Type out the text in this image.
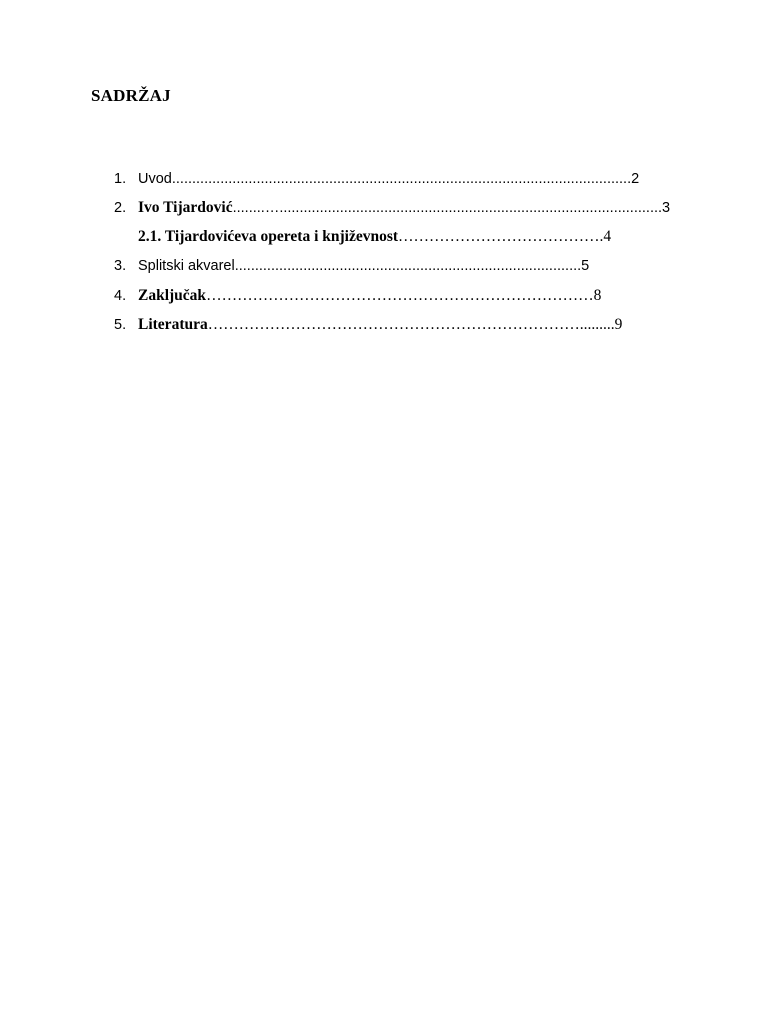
SADRŽAJ
1. Uvod..................................................................................................................2
2. Ivo Tijardović........…...............................................................................................3
2.1. Tijardovićeva opereta i književnost………………………………….4
3. Splitski akvarel......................................................................................5
4. Zaključak…………………………………………………………………8
5. Literatura……………………………………………………………….........9
